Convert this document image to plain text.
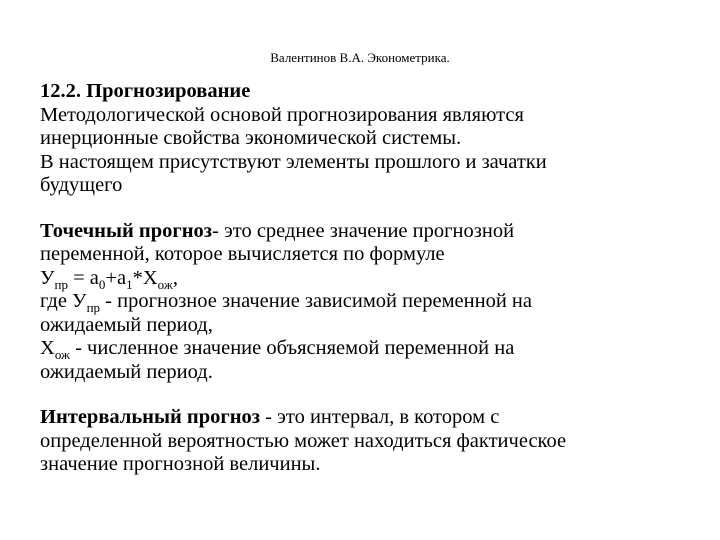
Валентинов В.А. Эконометрика.

12.2. Прогнозирование

Методологической основой прогнозирования являются

инерционные свойства экономической системы.

В настоящем присутствуют элементы прошлого и зачатки

будущего

Точечный прогноз- это среднее значение прогнозной

переменной, которое вычисляется по формуле

$У_{пр} = а_0+а_1*Х_{ож}$,

где $У_{пр}$ - прогнозное значение зависимой переменной на

ожидаемый период,

$Х_{ож}$ - численное значение объясняемой переменной на

ожидаемый период.

Интервальный прогноз - это интервал, в котором с

определенной вероятностью может находиться фактическое

значение прогнозной величины.
